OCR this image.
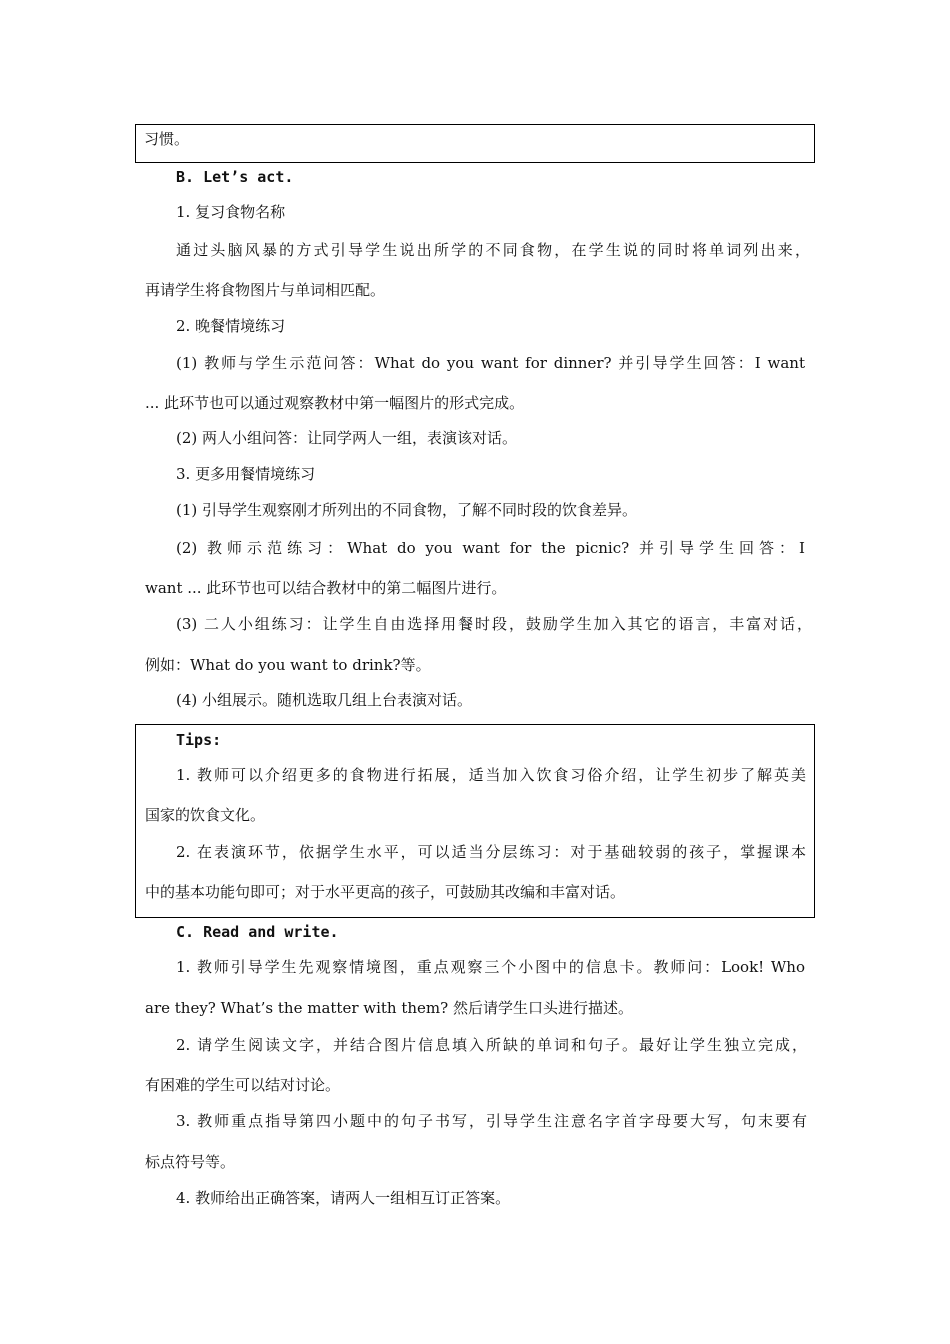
习惯。
B. Let’s act.
1. 复习食物名称
通过头脑风暴的方式引导学生说出所学的不同食物，在学生说的同时将单词列出来，
再请学生将食物图片与单词相匹配。
2. 晚餐情境练习
(1) 教师与学生示范问答：What do you want for dinner? 并引导学生回答：I want
... 此环节也可以通过观察教材中第一幅图片的形式完成。
(2) 两人小组问答：让同学两人一组，表演该对话。
3. 更多用餐情境练习
(1) 引导学生观察刚才所列出的不同食物，了解不同时段的饮食差异。
(2) 教师示范练习：What do you want for the picnic? 并引导学生回答：I
want ... 此环节也可以结合教材中的第二幅图片进行。
(3) 二人小组练习：让学生自由选择用餐时段，鼓励学生加入其它的语言，丰富对话，
例如：What do you want to drink?等。
(4) 小组展示。随机选取几组上台表演对话。
Tips:
1. 教师可以介绍更多的食物进行拓展，适当加入饮食习俗介绍，让学生初步了解英美
国家的饮食文化。
2. 在表演环节，依据学生水平，可以适当分层练习：对于基础较弱的孩子，掌握课本
中的基本功能句即可；对于水平更高的孩子，可鼓励其改编和丰富对话。
C. Read and write.
1. 教师引导学生先观察情境图，重点观察三个小图中的信息卡。教师问：Look! Who
are they? What’s the matter with them? 然后请学生口头进行描述。
2. 请学生阅读文字，并结合图片信息填入所缺的单词和句子。最好让学生独立完成，
有困难的学生可以结对讨论。
3. 教师重点指导第四小题中的句子书写，引导学生注意名字首字母要大写，句末要有
标点符号等。
4. 教师给出正确答案，请两人一组相互订正答案。
